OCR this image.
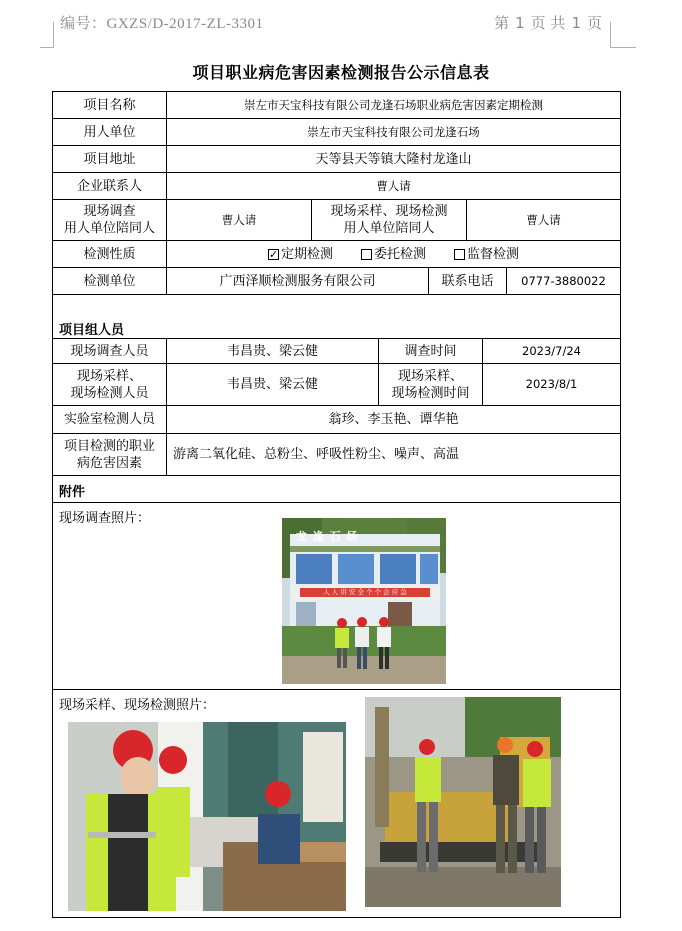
编号：GXZS/D-2017-ZL-3301	第 1 页 共 1 页
项目职业病危害因素检测报告公示信息表
项目名称	崇左市天宝科技有限公司龙逢石场职业病危害因素定期检测
用人单位	崇左市天宝科技有限公司龙逢石场
项目地址	天等县天等镇大隆村龙逢山
企业联系人	曹人请
现场调查
用人单位陪同人
曹人请
现场采样、现场检测
用人单位陪同人
曹人请
检测性质
✓	定期检测	委托检测	监督检测
检测单位	广西泽顺检测服务有限公司	联系电话	0777-3880022
项目组人员
现场调查人员	韦昌贵、梁云健	调查时间	2023/7/24
现场采样、
现场检测人员
韦昌贵、梁云健
现场采样、
现场检测时间
2023/8/1
实验室检测人员	翁珍、李玉艳、谭华艳
项目检测的职业
病危害因素
游离二氧化硅、总粉尘、呼吸性粉尘、噪声、高温
附件
现场调查照片：
龙 逢 石 场
人 人 讲 安 全 个 个 会 应 急
现场采样、现场检测照片：
